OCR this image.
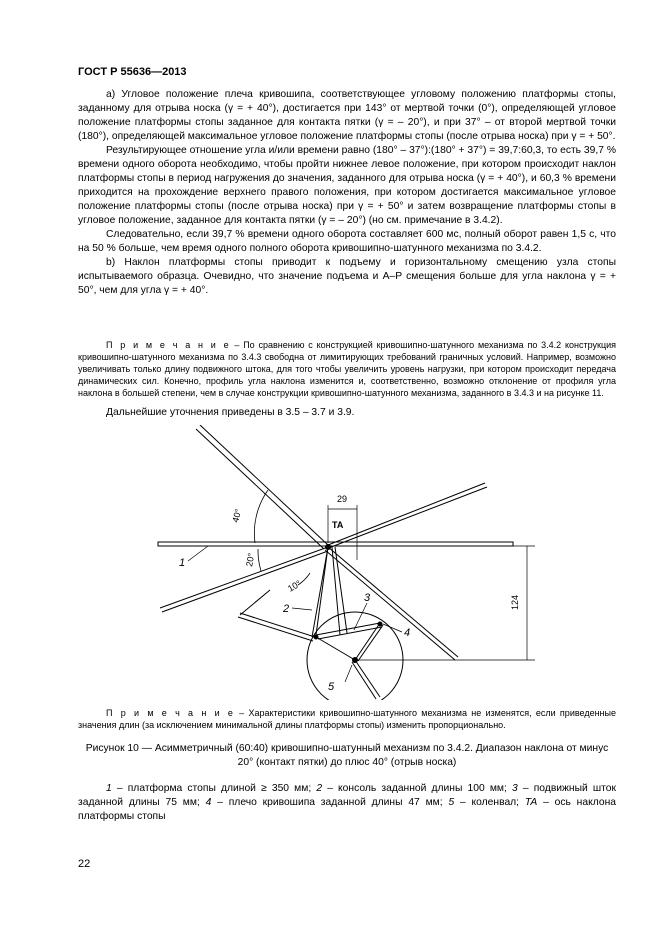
ГОСТ Р 55636—2013

а) Угловое положение плеча кривошипа, соответствующее угловому положению платформы стопы, заданному для отрыва носка (γ = + 40°), достигается при 143° от мертвой точки (0°), определяющей угловое положение платформы стопы заданное для контакта пятки (γ = – 20°), и при 37° – от второй мертвой точки (180°), определяющей максимальное угловое положение платформы стопы (после отрыва носка) при γ = + 50°.

Результирующее отношение угла и/или времени равно (180° – 37°):(180° + 37°) = 39,7:60,3, то есть 39,7 % времени одного оборота необходимо, чтобы пройти нижнее левое положение, при котором происходит наклон платформы стопы в период нагружения до значения, заданного для отрыва носка (γ = + 40°), и 60,3 % времени приходится на прохождение верхнего правого положения, при котором достигается максимальное угловое положение платформы стопы (после отрыва носка) при γ = + 50° и затем возвращение платформы стопы в угловое положение, заданное для контакта пятки (γ = – 20°) (но см. примечание в 3.4.2).

Следовательно, если 39,7 % времени одного оборота составляет 600 мс, полный оборот равен 1,5 с, что на 50 % больше, чем время одного полного оборота кривошипно-шатунного механизма по 3.4.2.

b) Наклон платформы стопы приводит к подъему и горизонтальному смещению узла стопы испытываемого образца. Очевидно, что значение подъема и A–P смещения больше для угла наклона γ = + 50°, чем для угла γ = + 40°.

П р и м е ч а н и е – По сравнению с конструкцией кривошипно-шатунного механизма по 3.4.2 конструкция кривошипно-шатунного механизма по 3.4.3 свободна от лимитирующих требований граничных условий. Например, возможно увеличивать только длину подвижного штока, для того чтобы увеличить уровень нагрузки, при котором происходит передача динамических сил. Конечно, профиль угла наклона изменится и, соответственно, возможно отклонение от профиля угла наклона в большей степени, чем в случае конструкции кривошипно-шатунного механизма, заданного в 3.4.3 и на рисунке 11.

Дальнейшие уточнения приведены в 3.5 – 3.7 и 3.9.

29
TA
124
40°
20°
10°
1
2
3
4
5

П р и м е ч а н и е – Характеристики кривошипно-шатунного механизма не изменятся, если приведенные значения длин (за исключением минимальной длины платформы стопы) изменить пропорционально.

Рисунок 10 — Асимметричный (60:40) кривошипно-шатунный механизм по 3.4.2. Диапазон наклона от минус 20° (контакт пятки) до плюс 40° (отрыв носка)

1 – платформа стопы длиной ≥ 350 мм; 2 – консоль заданной длины 100 мм; 3 – подвижный шток заданной длины 75 мм; 4 – плечо кривошипа заданной длины 47 мм; 5 – коленвал; TA – ось наклона платформы стопы

22
